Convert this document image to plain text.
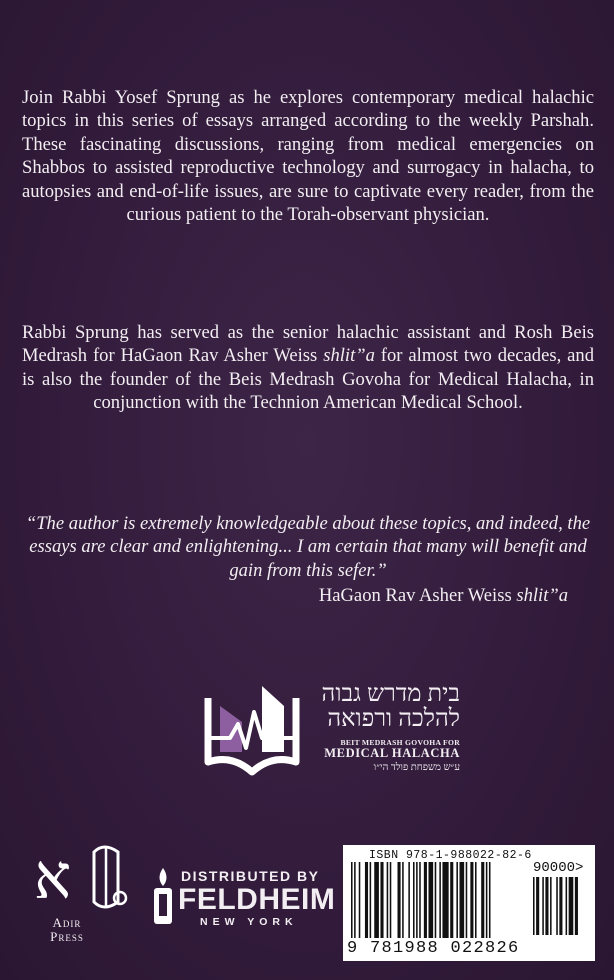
Join Rabbi Yosef Sprung as he explores contemporary medical halachic topics in this series of essays arranged according to the weekly Parshah. These fascinating discussions, ranging from medical emergencies on Shabbos to assisted reproductive technology and surrogacy in halacha, to autopsies and end-of-life issues, are sure to captivate every reader, from the curious patient to the Torah-observant physician.
Rabbi Sprung has served as the senior halachic assistant and Rosh Beis Medrash for HaGaon Rav Asher Weiss shlit”a for almost two decades, and is also the founder of the Beis Medrash Govoha for Medical Halacha, in conjunction with the Technion American Medical School.
“The author is extremely knowledgeable about these topics, and indeed, the essays are clear and enlightening... I am certain that many will benefit and gain from this sefer.”
HaGaon Rav Asher Weiss shlit”a
בית מדרש גבוה
להלכה ורפואה
BEIT MEDRASH GOVOHA FOR
MEDICAL HALACHA
ע״ש משפחת פולד הי״ו
א
Adir
Press
DISTRIBUTED BY
FELDHEIM
NEW YORK
ISBN 978-1-988022-82-6
90000>
9 781988 022826
